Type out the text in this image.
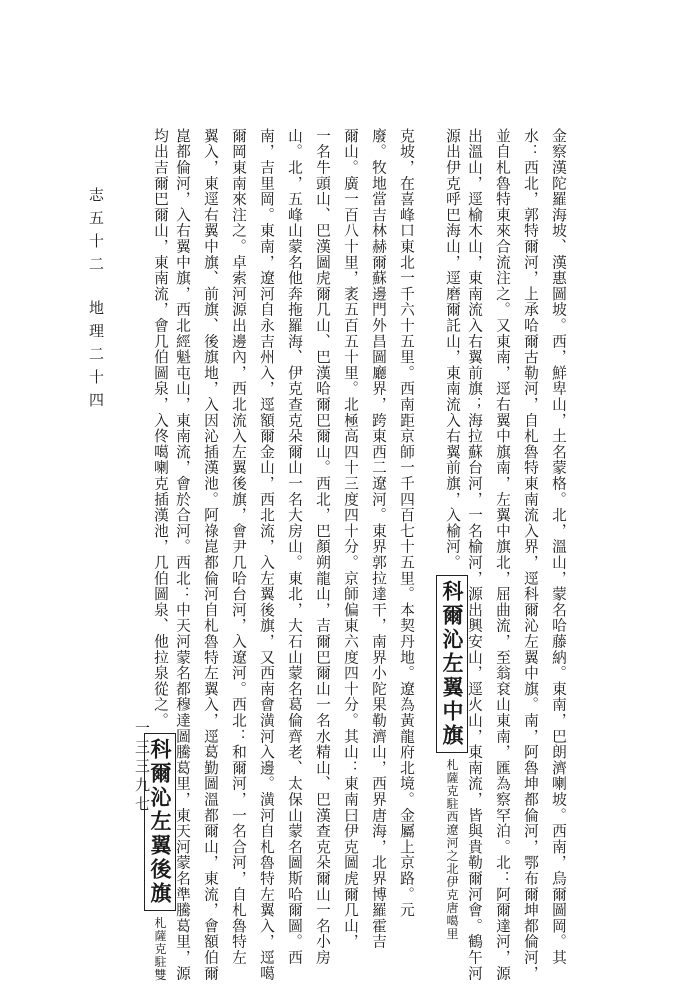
金察漢陀羅海坡、漢惠圖坡。西，鮮卑山，土名蒙格。北，溫山，蒙名哈藤納。東南，巴朗濟喇坡。西南，烏爾圖岡。其
水：西北，郭特爾河，上承哈爾古勒河，自札魯特東南流入界，逕科爾沁左翼中旗。南，阿魯坤都倫河，鄂布爾坤都倫河，
並自札魯特東來合流注之。又東南，逕右翼中旗南，左翼中旗北，屈曲流，至翁袞山東南，匯為察罕泊。北：阿爾達河，源
出溫山，逕榆木山，東南流入右翼前旗；海拉蘇台河，一名榆河，源出興安山，逕火山，東南流，皆與貴勒爾河會。鶴午河
源出伊克呼巴海山，逕磨爾託山，東南流入右翼前旗，入榆河。科爾沁左翼中旗札薩克駐西遼河之北伊克唐噶里
克坡，在喜峰口東北一千六十五里。西南距京師一千四百七十五里。本契丹地。遼為黃龍府北境。金屬上京路。元
廢。牧地當吉林赫爾蘇邊門外昌圖廳界，跨東西二遼河。東界郭拉達干，南界小陀果勒濟山，西界唐海，北界博羅霍吉
爾山。廣一百八十里，袤五百五十里。北極高四十三度四十分。京師偏東六度四十分。其山：東南曰伊克圖虎爾几山，
一名牛頭山、巴漢圖虎爾几山、巴漢哈爾巴爾山。西北，巴顏朔龍山，吉爾巴爾山一名水精山、巴漢查克朵爾山一名小房
山。北，五峰山蒙名他奔拖羅海、伊克查克朵爾山一名大房山。東北，大石山蒙名葛倫齊老、太保山蒙名圖斯哈爾圖。西
南，吉里岡。東南，遼河自永吉州入，逕額爾金山，西北流，入左翼後旗，又西南會潢河入邊。潢河自札魯特左翼入，逕噶
爾岡東南來注之。卓索河源出邊內，西北流入左翼後旗，會尹几哈台河，入遼河。西北：和爾河，一名合河，自札魯特左
翼入，東逕右翼中旗、前旗、後旗地，入因沁插漢池。阿祿崑都倫河自札魯特左翼入，逕葛勤圖溫都爾山，東流，會額伯爾
崑都倫河，入右翼中旗，西北經魁屯山，東南流，會於合河。西北：中天河蒙名都穆達圖騰葛里，東天河蒙名準騰葛里，源
均出吉爾巴爾山，東南流，會几伯圖泉，入佟噶喇克插漢池，几伯圖泉、他拉泉從之。科爾沁左翼後旗札薩克駐雙
志五十二
地理二十四
一三三九七
